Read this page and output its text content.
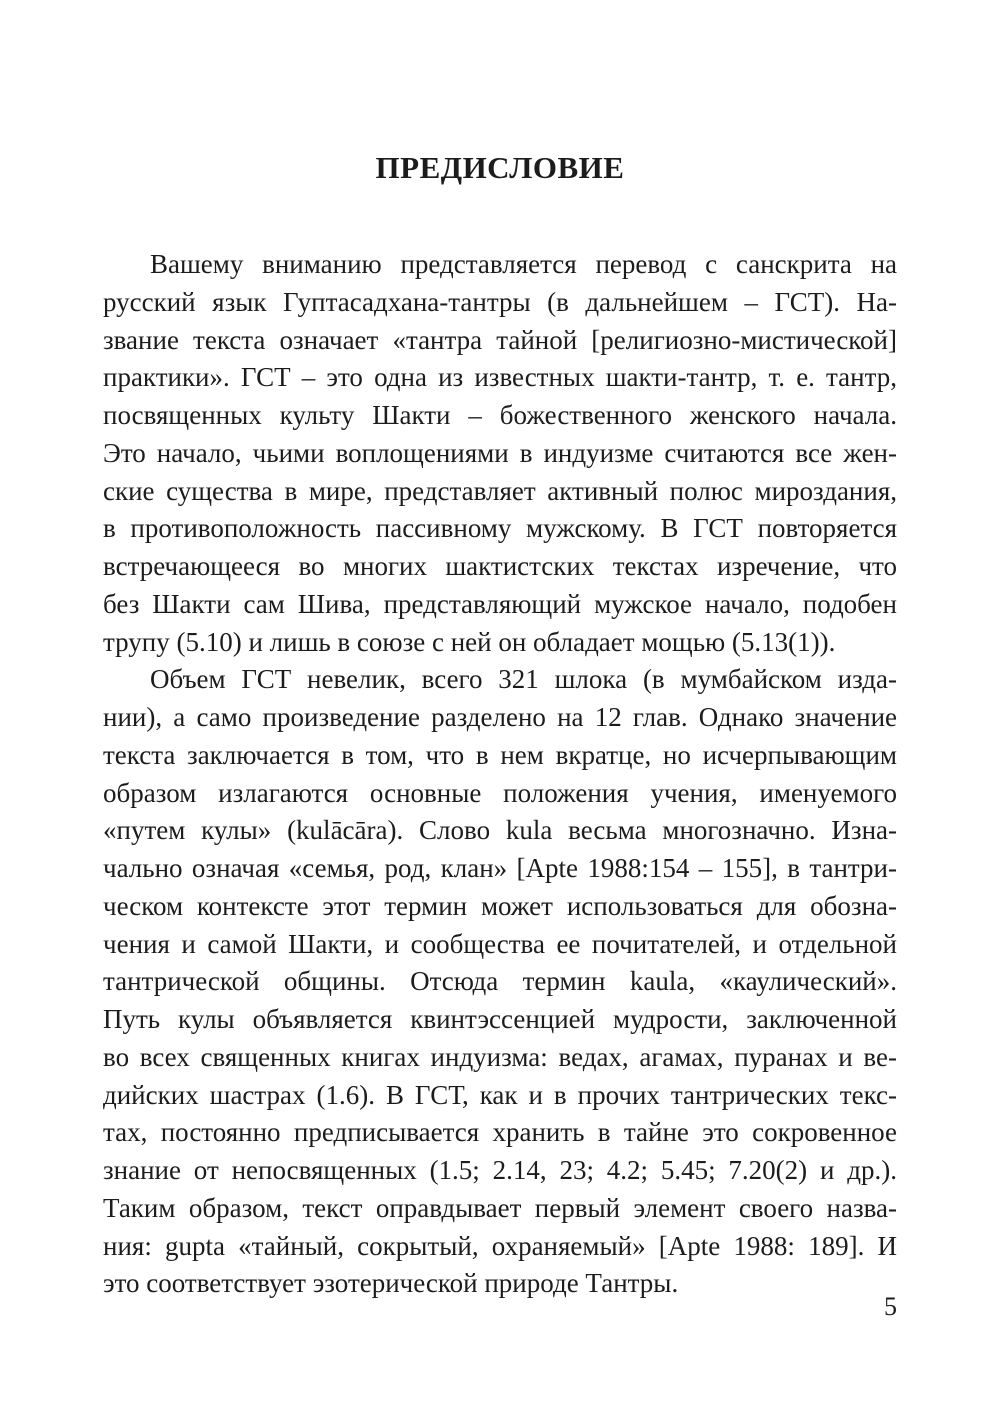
ПРЕДИСЛОВИЕ
Вашему вниманию представляется перевод с санскрита на
русский язык Гуптасадхана-тантры (в дальнейшем – ГСТ). На-
звание текста означает «тантра тайной [религиозно-мистической]
практики». ГСТ – это одна из известных шакти-тантр, т. е. тантр,
посвященных культу Шакти – божественного женского начала.
Это начало, чьими воплощениями в индуизме считаются все жен-
ские существа в мире, представляет активный полюс мироздания,
в противоположность пассивному мужскому. В ГСТ повторяется
встречающееся во многих шактистских текстах изречение, что
без Шакти сам Шива, представляющий мужское начало, подобен
трупу (5.10) и лишь в союзе с ней он обладает мощью (5.13(1)).
Объем ГСТ невелик, всего 321 шлока (в мумбайском изда-
нии), а само произведение разделено на 12 глав. Однако значение
текста заключается в том, что в нем вкратце, но исчерпывающим
образом излагаются основные положения учения, именуемого
«путем кулы» (kulācāra). Слово kula весьма многозначно. Изна-
чально означая «семья, род, клан» [Apte 1988:154 – 155], в тантри-
ческом контексте этот термин может использоваться для обозна-
чения и самой Шакти, и сообщества ее почитателей, и отдельной
тантрической общины. Отсюда термин kaula, «каулический».
Путь кулы объявляется квинтэссенцией мудрости, заключенной
во всех священных книгах индуизма: ведах, агамах, пуранах и ве-
дийских шастрах (1.6). В ГСТ, как и в прочих тантрических текс-
тах, постоянно предписывается хранить в тайне это сокровенное
знание от непосвященных (1.5; 2.14, 23; 4.2; 5.45; 7.20(2) и др.).
Таким образом, текст оправдывает первый элемент своего назва-
ния: gupta «тайный, сокрытый, охраняемый» [Apte 1988: 189]. И
это соответствует эзотерической природе Тантры.
5
